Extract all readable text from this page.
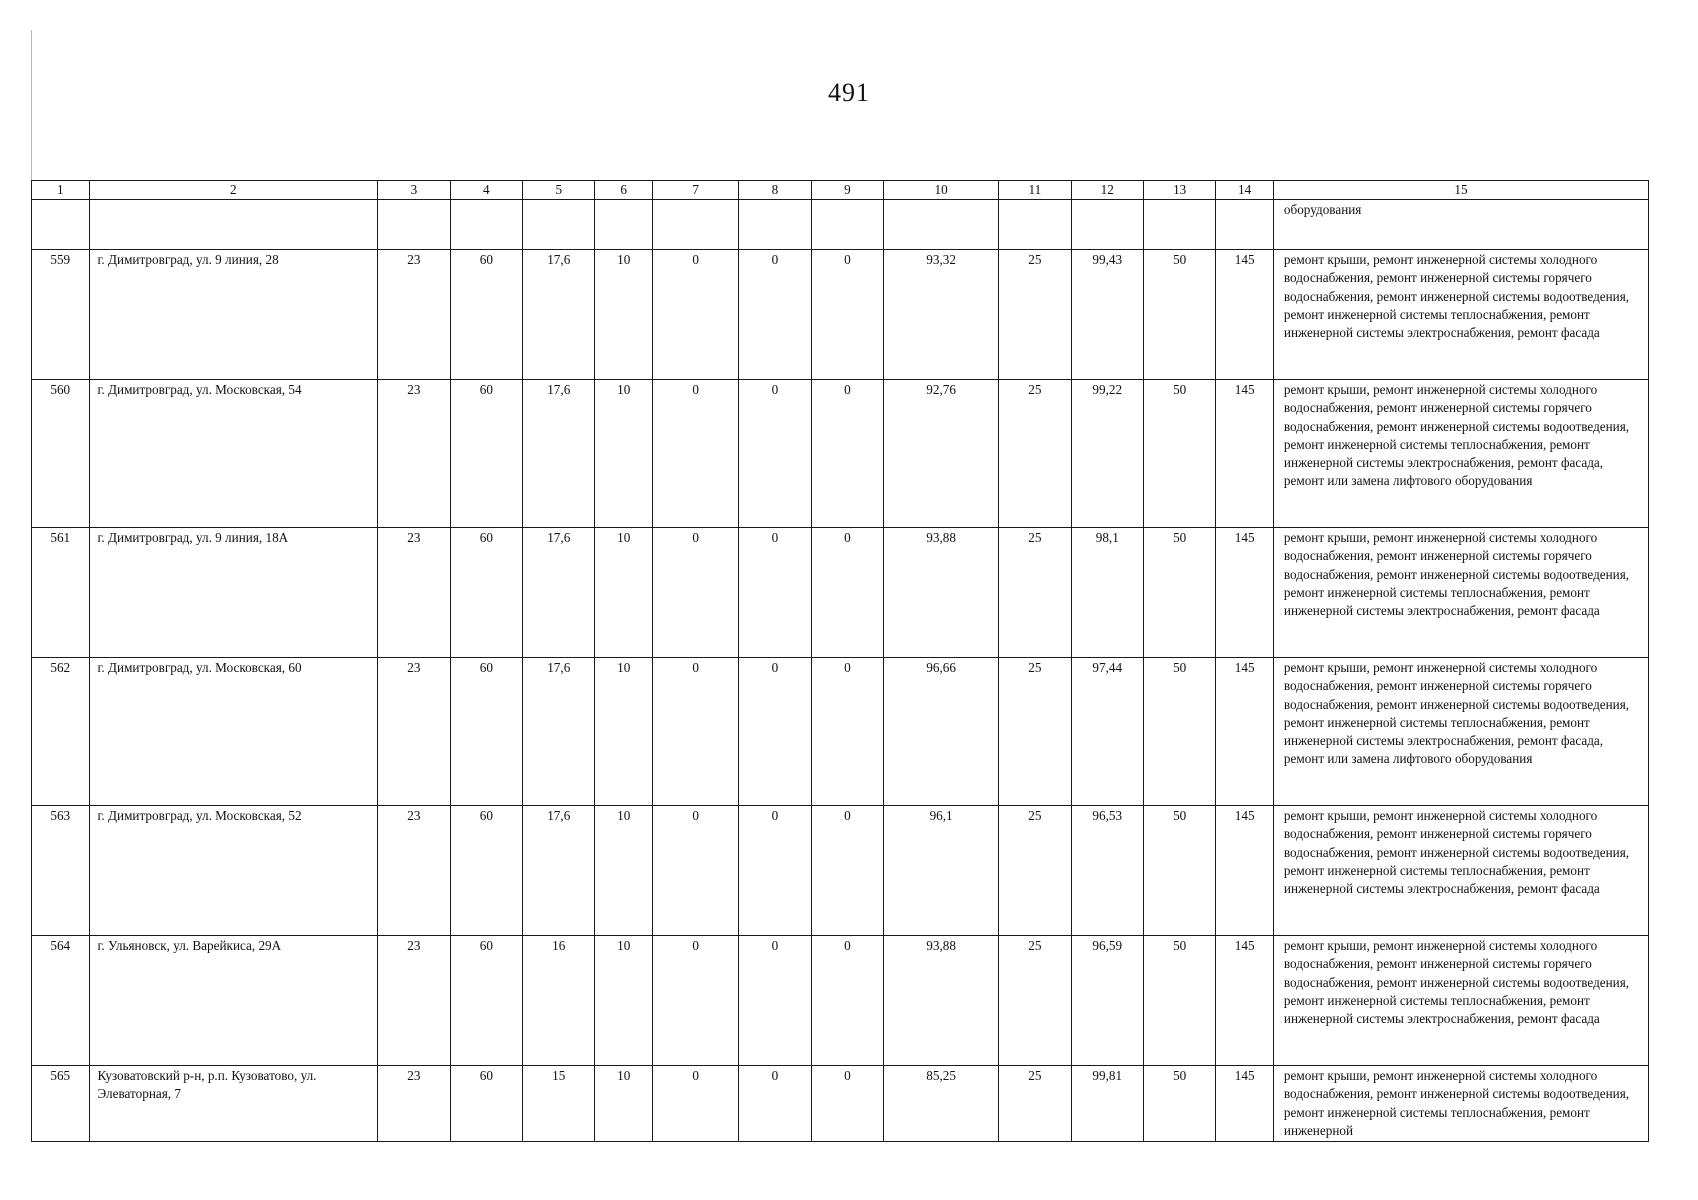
491
1	2	3	4	5	6	7	8	9	10	11	12	13	14	15
														оборудования
559	г. Димитровград, ул. 9 линия, 28	23	60	17,6	10	0	0	0	93,32	25	99,43	50	145	ремонт крыши, ремонт инженерной системы холодного водоснабжения, ремонт инженерной системы горячего водоснабжения, ремонт инженерной системы водоотведения, ремонт инженерной системы теплоснабжения, ремонт инженерной системы электроснабжения, ремонт фасада
560	г. Димитровград, ул. Московская, 54	23	60	17,6	10	0	0	0	92,76	25	99,22	50	145	ремонт крыши, ремонт инженерной системы холодного водоснабжения, ремонт инженерной системы горячего водоснабжения, ремонт инженерной системы водоотведения, ремонт инженерной системы теплоснабжения, ремонт инженерной системы электроснабжения, ремонт фасада, ремонт или замена лифтового оборудования
561	г. Димитровград, ул. 9 линия, 18А	23	60	17,6	10	0	0	0	93,88	25	98,1	50	145	ремонт крыши, ремонт инженерной системы холодного водоснабжения, ремонт инженерной системы горячего водоснабжения, ремонт инженерной системы водоотведения, ремонт инженерной системы теплоснабжения, ремонт инженерной системы электроснабжения, ремонт фасада
562	г. Димитровград, ул. Московская, 60	23	60	17,6	10	0	0	0	96,66	25	97,44	50	145	ремонт крыши, ремонт инженерной системы холодного водоснабжения, ремонт инженерной системы горячего водоснабжения, ремонт инженерной системы водоотведения, ремонт инженерной системы теплоснабжения, ремонт инженерной системы электроснабжения, ремонт фасада, ремонт или замена лифтового оборудования
563	г. Димитровград, ул. Московская, 52	23	60	17,6	10	0	0	0	96,1	25	96,53	50	145	ремонт крыши, ремонт инженерной системы холодного водоснабжения, ремонт инженерной системы горячего водоснабжения, ремонт инженерной системы водоотведения, ремонт инженерной системы теплоснабжения, ремонт инженерной системы электроснабжения, ремонт фасада
564	г. Ульяновск, ул. Варейкиса, 29А	23	60	16	10	0	0	0	93,88	25	96,59	50	145	ремонт крыши, ремонт инженерной системы холодного водоснабжения, ремонт инженерной системы горячего водоснабжения, ремонт инженерной системы водоотведения, ремонт инженерной системы теплоснабжения, ремонт инженерной системы электроснабжения, ремонт фасада
565	Кузоватовский р-н, р.п. Кузоватово, ул. Элеваторная, 7	23	60	15	10	0	0	0	85,25	25	99,81	50	145	ремонт крыши, ремонт инженерной системы холодного водоснабжения, ремонт инженерной системы водоотведения, ремонт инженерной системы теплоснабжения, ремонт инженерной
